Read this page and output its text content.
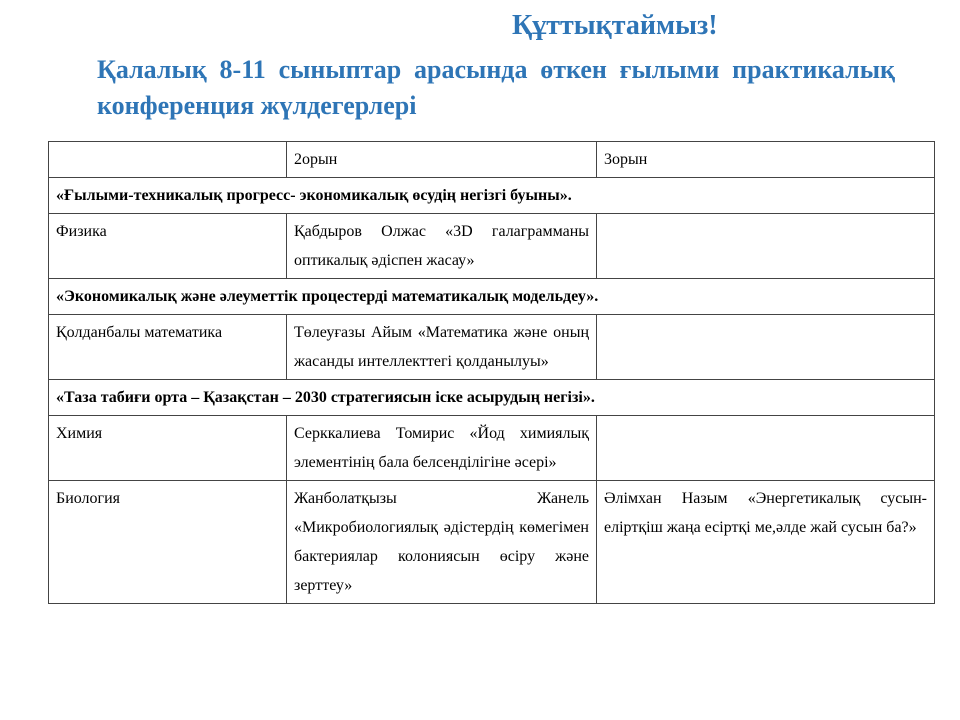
Құттықтаймыз!
Қалалық 8-11 сыныптар арасында өткен ғылыми практикалық конференция жүлдегерлері
	2орын	3орын
«Ғылыми-техникалық прогресс- экономикалық өсудің негізгі буыны».		
Физика	Қабдыров Олжас «3D галаграмманы оптикалық әдіспен жасау»	
«Экономикалық және әлеуметтік процестерді математикалық модельдеу».		
Қолданбалы математика	Төлеуғазы Айым «Математика және оның жасанды интеллекттегі қолданылуы»	
«Таза табиғи орта – Қазақстан – 2030 стратегиясын іске асырудың негізі».		
Химия	Серккалиева Томирис «Йод химиялық элементінің бала белсенділігіне әсері»	
Биология	Жанболатқызы Жанель «Микробиологиялық әдістердің көмегімен бактериялар колониясын өсіру және зерттеу»	Әлімхан Назым «Энергетикалық сусын-еліртқіш жаңа есіртқі ме,әлде жай сусын ба?»
